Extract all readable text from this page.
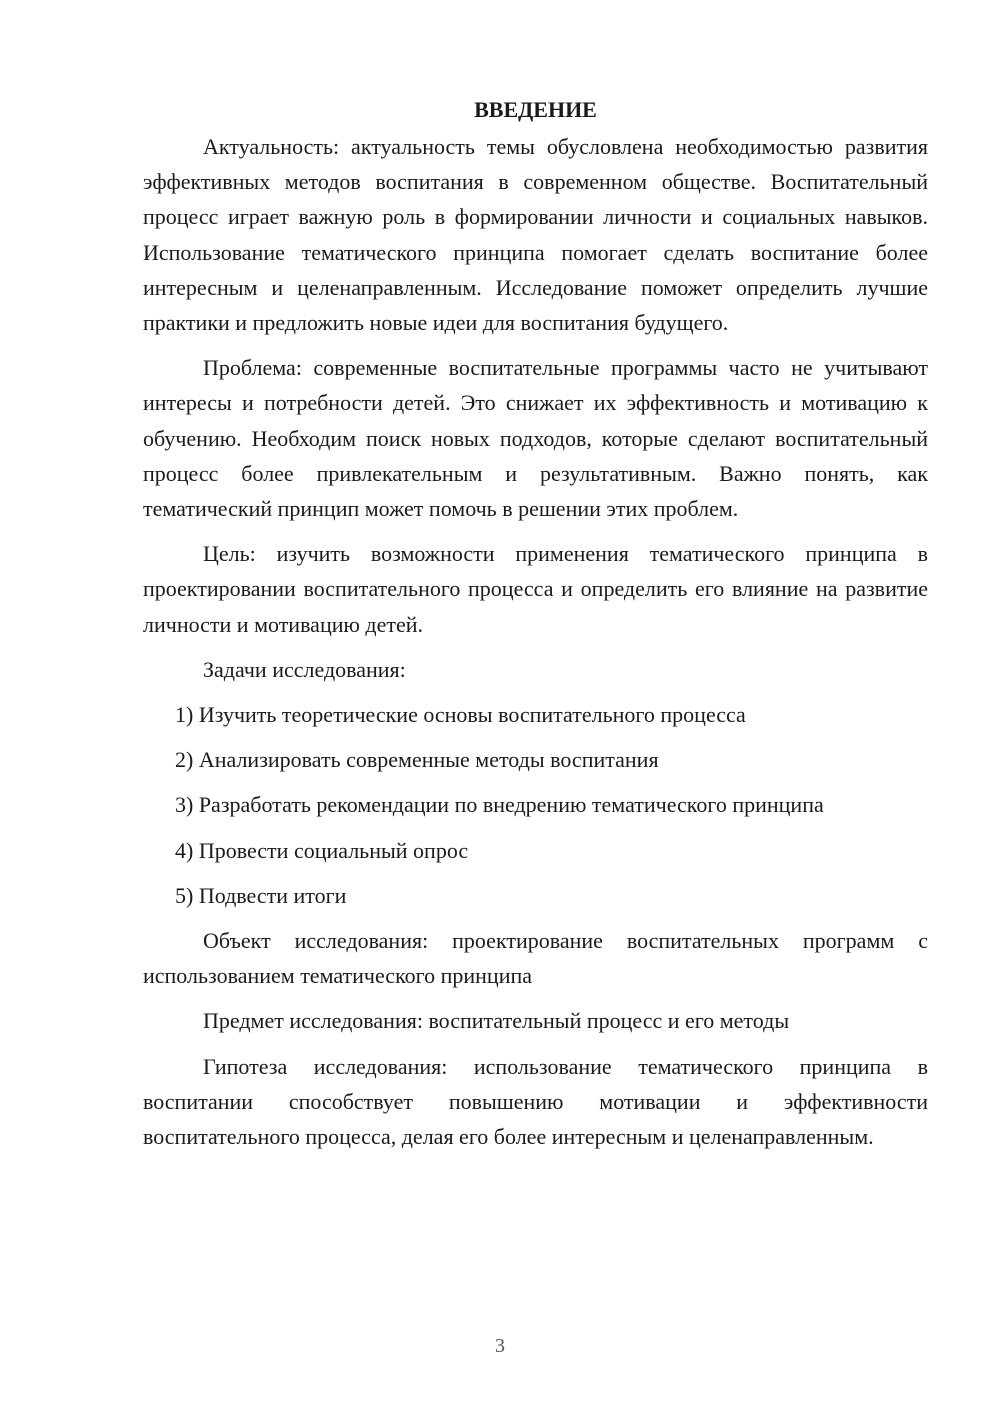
ВВЕДЕНИЕ

Актуальность: актуальность темы обусловлена необходимостью развития эффективных методов воспитания в современном обществе. Воспитательный процесс играет важную роль в формировании личности и социальных навыков. Использование тематического принципа помогает сделать воспитание более интересным и целенаправленным. Исследование поможет определить лучшие практики и предложить новые идеи для воспитания будущего.

Проблема: современные воспитательные программы часто не учитывают интересы и потребности детей. Это снижает их эффективность и мотивацию к обучению. Необходим поиск новых подходов, которые сделают воспитательный процесс более привлекательным и результативным. Важно понять, как тематический принцип может помочь в решении этих проблем.

Цель: изучить возможности применения тематического принципа в проектировании воспитательного процесса и определить его влияние на развитие личности и мотивацию детей.

Задачи исследования:

1) Изучить теоретические основы воспитательного процесса
2) Анализировать современные методы воспитания
3) Разработать рекомендации по внедрению тематического принципа
4) Провести социальный опрос
5) Подвести итоги

Объект исследования: проектирование воспитательных программ с использованием тематического принципа

Предмет исследования: воспитательный процесс и его методы

Гипотеза исследования: использование тематического принципа в воспитании способствует повышению мотивации и эффективности воспитательного процесса, делая его более интересным и целенаправленным.

3
